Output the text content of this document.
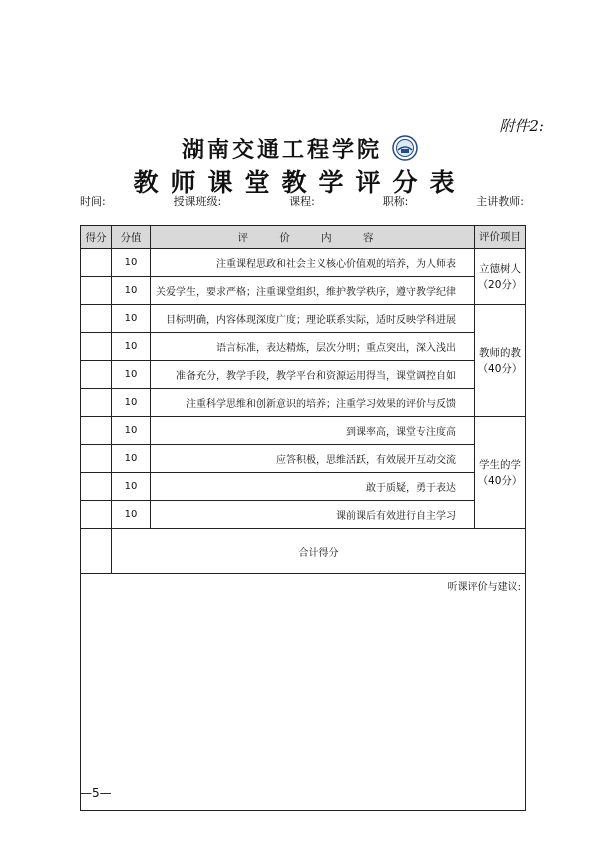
附件2:
湖南交通工程学院
教师课堂教学评分表
主讲教师:
职称:
课程:
授课班级:
时间:
得分	分值	评 价 内 容	评价项目
	10	注重课程思政和社会主义核心价值观的培养，为人师表	立德树人（20分）
	10	关爱学生，要求严格；注重课堂组织，维护教学秩序，遵守教学纪律	
	10	目标明确，内容体现深度广度；理论联系实际，适时反映学科进展	教师的教（40分）
	10	语言标准，表达精炼，层次分明；重点突出，深入浅出	
	10	准备充分，教学手段，教学平台和资源运用得当，课堂调控自如	
	10	注重科学思维和创新意识的培养；注重学习效果的评价与反馈	
	10	到课率高，课堂专注度高	学生的学（40分）
	10	应答积极，思维活跃，有效展开互动交流	
	10	敢于质疑，勇于表达	
	10	课前课后有效进行自主学习	
	合计得分		

听课评价与建议:			
—5—
